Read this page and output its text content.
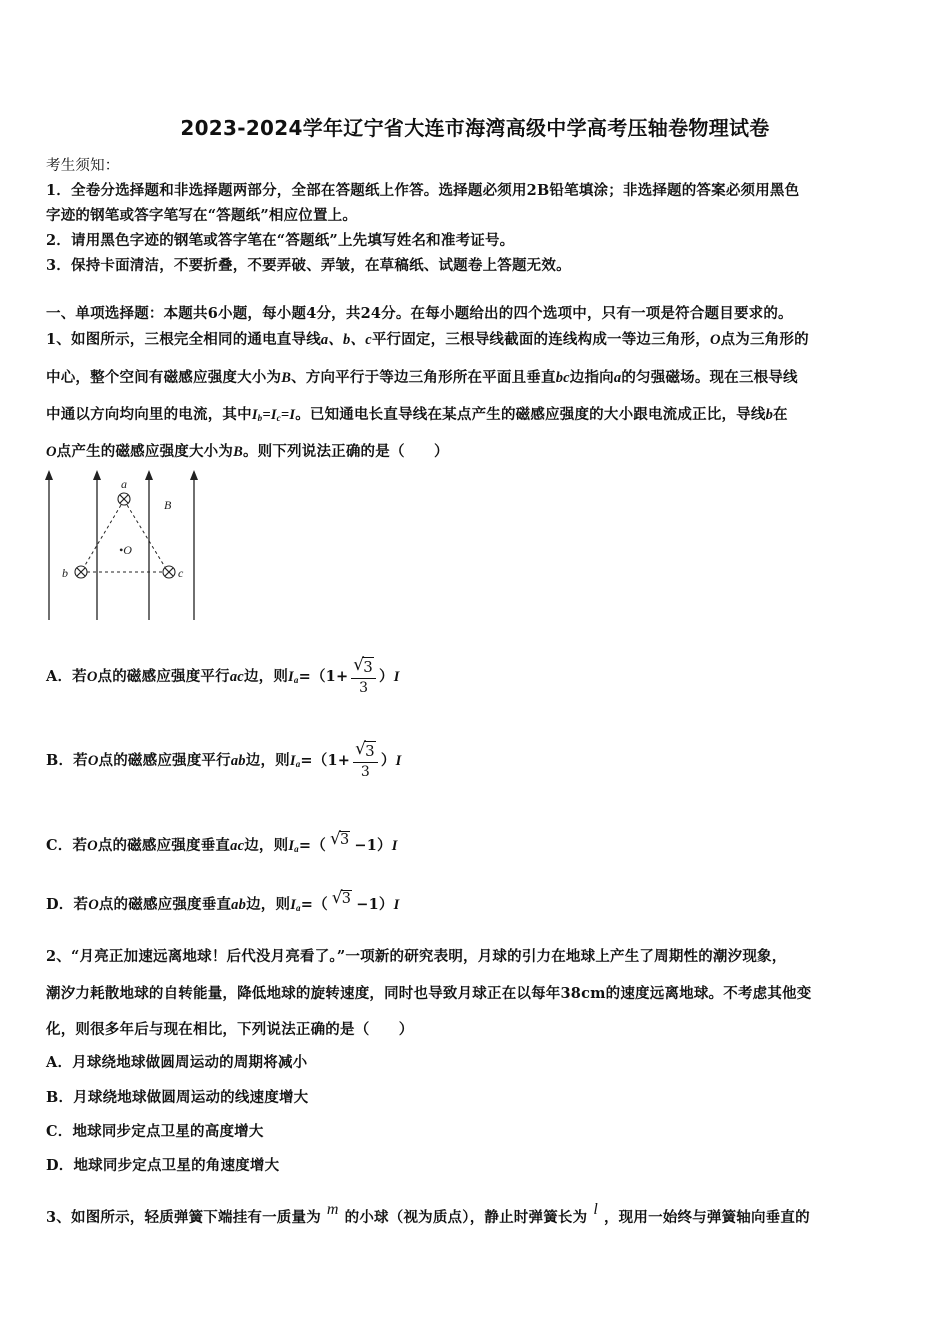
2023-2024学年辽宁省大连市海湾高级中学高考压轴卷物理试卷
考生须知：
1．全卷分选择题和非选择题两部分，全部在答题纸上作答。选择题必须用2B铅笔填涂；非选择题的答案必须用黑色
字迹的钢笔或答字笔写在“答题纸”相应位置上。
2．请用黑色字迹的钢笔或答字笔在“答题纸”上先填写姓名和准考证号。
3．保持卡面清洁，不要折叠，不要弄破、弄皱，在草稿纸、试题卷上答题无效。
一、单项选择题：本题共6小题，每小题4分，共24分。在每小题给出的四个选项中，只有一项是符合题目要求的。
1、如图所示，三根完全相同的通电直导线a、b、c平行固定，三根导线截面的连线构成一等边三角形，O点为三角形的
中心，整个空间有磁感应强度大小为B、方向平行于等边三角形所在平面且垂直bc边指向a的匀强磁场。现在三根导线
中通以方向均向里的电流，其中$I_b=I_c=I$。已知通电长直导线在某点产生的磁感应强度的大小跟电流成正比，导线b在
O点产生的磁感应强度大小为B。则下列说法正确的是（　　）
a
b	c
•O
B
A．若O点的磁感应强度平行ac边，则$I_a=(1+$ √
3
3 ）I
B．若O点的磁感应强度平行ab边，则$I_a=(1+$ √
3
3 ）I
C．若O点的磁感应强度垂直ac边，则$I_a=$（ √
3 −1）I
D．若O点的磁感应强度垂直ab边，则$I_a=$（ √
3 −1）I
2、“月亮正加速远离地球！后代没月亮看了。”一项新的研究表明，月球的引力在地球上产生了周期性的潮汐现象，
潮汐力耗散地球的自转能量，降低地球的旋转速度，同时也导致月球正在以每年38cm的速度远离地球。不考虑其他变
化，则很多年后与现在相比，下列说法正确的是（　　）
A．月球绕地球做圆周运动的周期将减小
B．月球绕地球做圆周运动的线速度增大
C．地球同步定点卫星的高度增大
D．地球同步定点卫星的角速度增大
3、如图所示，轻质弹簧下端挂有一质量为 m 的小球（视为质点），静止时弹簧长为 l ，现用一始终与弹簧轴向垂直的
